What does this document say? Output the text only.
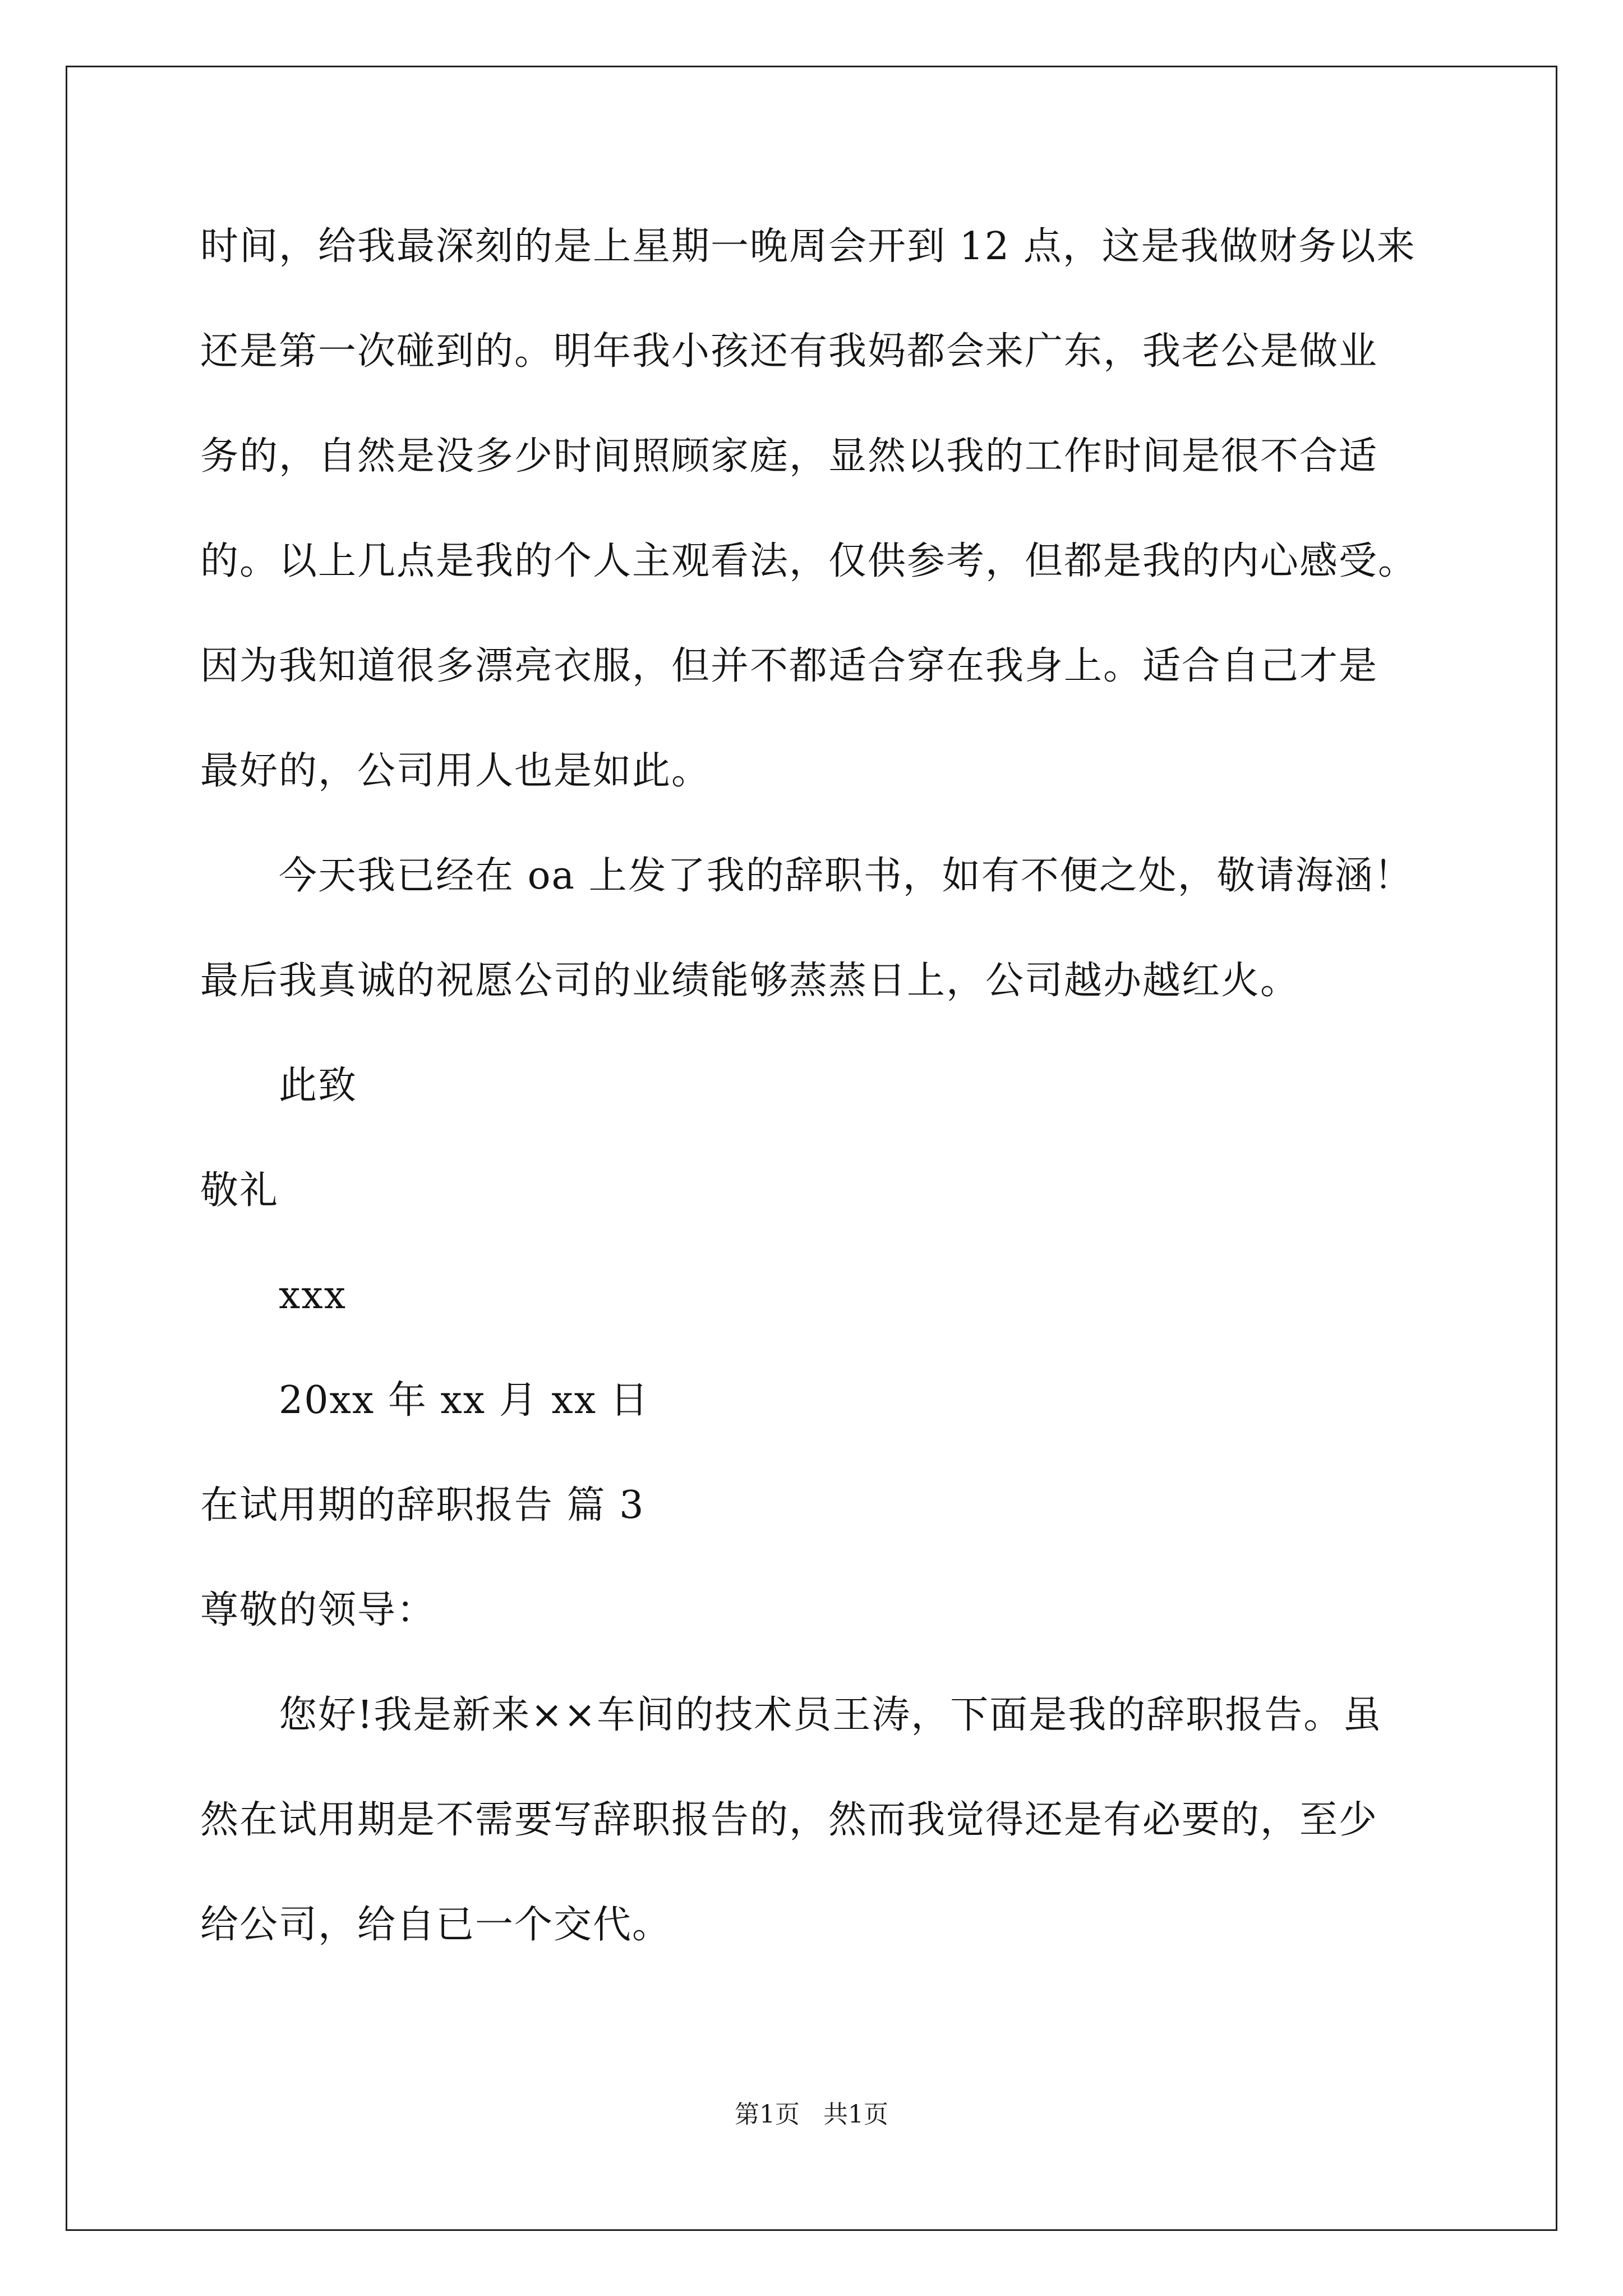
时间，给我最深刻的是上星期一晚周会开到 12 点，这是我做财务以来

还是第一次碰到的。明年我小孩还有我妈都会来广东，我老公是做业

务的，自然是没多少时间照顾家庭，显然以我的工作时间是很不合适

的。以上几点是我的个人主观看法，仅供参考，但都是我的内心感受。

因为我知道很多漂亮衣服，但并不都适合穿在我身上。适合自己才是

最好的，公司用人也是如此。

今天我已经在 oa 上发了我的辞职书，如有不便之处，敬请海涵！

最后我真诚的祝愿公司的业绩能够蒸蒸日上，公司越办越红火。

此致

敬礼

xxx

20xx 年 xx 月 xx 日

在试用期的辞职报告 篇 3

尊敬的领导：

您好!我是新来××车间的技术员王涛，下面是我的辞职报告。虽

然在试用期是不需要写辞职报告的，然而我觉得还是有必要的，至少

给公司，给自已一个交代。

第1页   共1页
